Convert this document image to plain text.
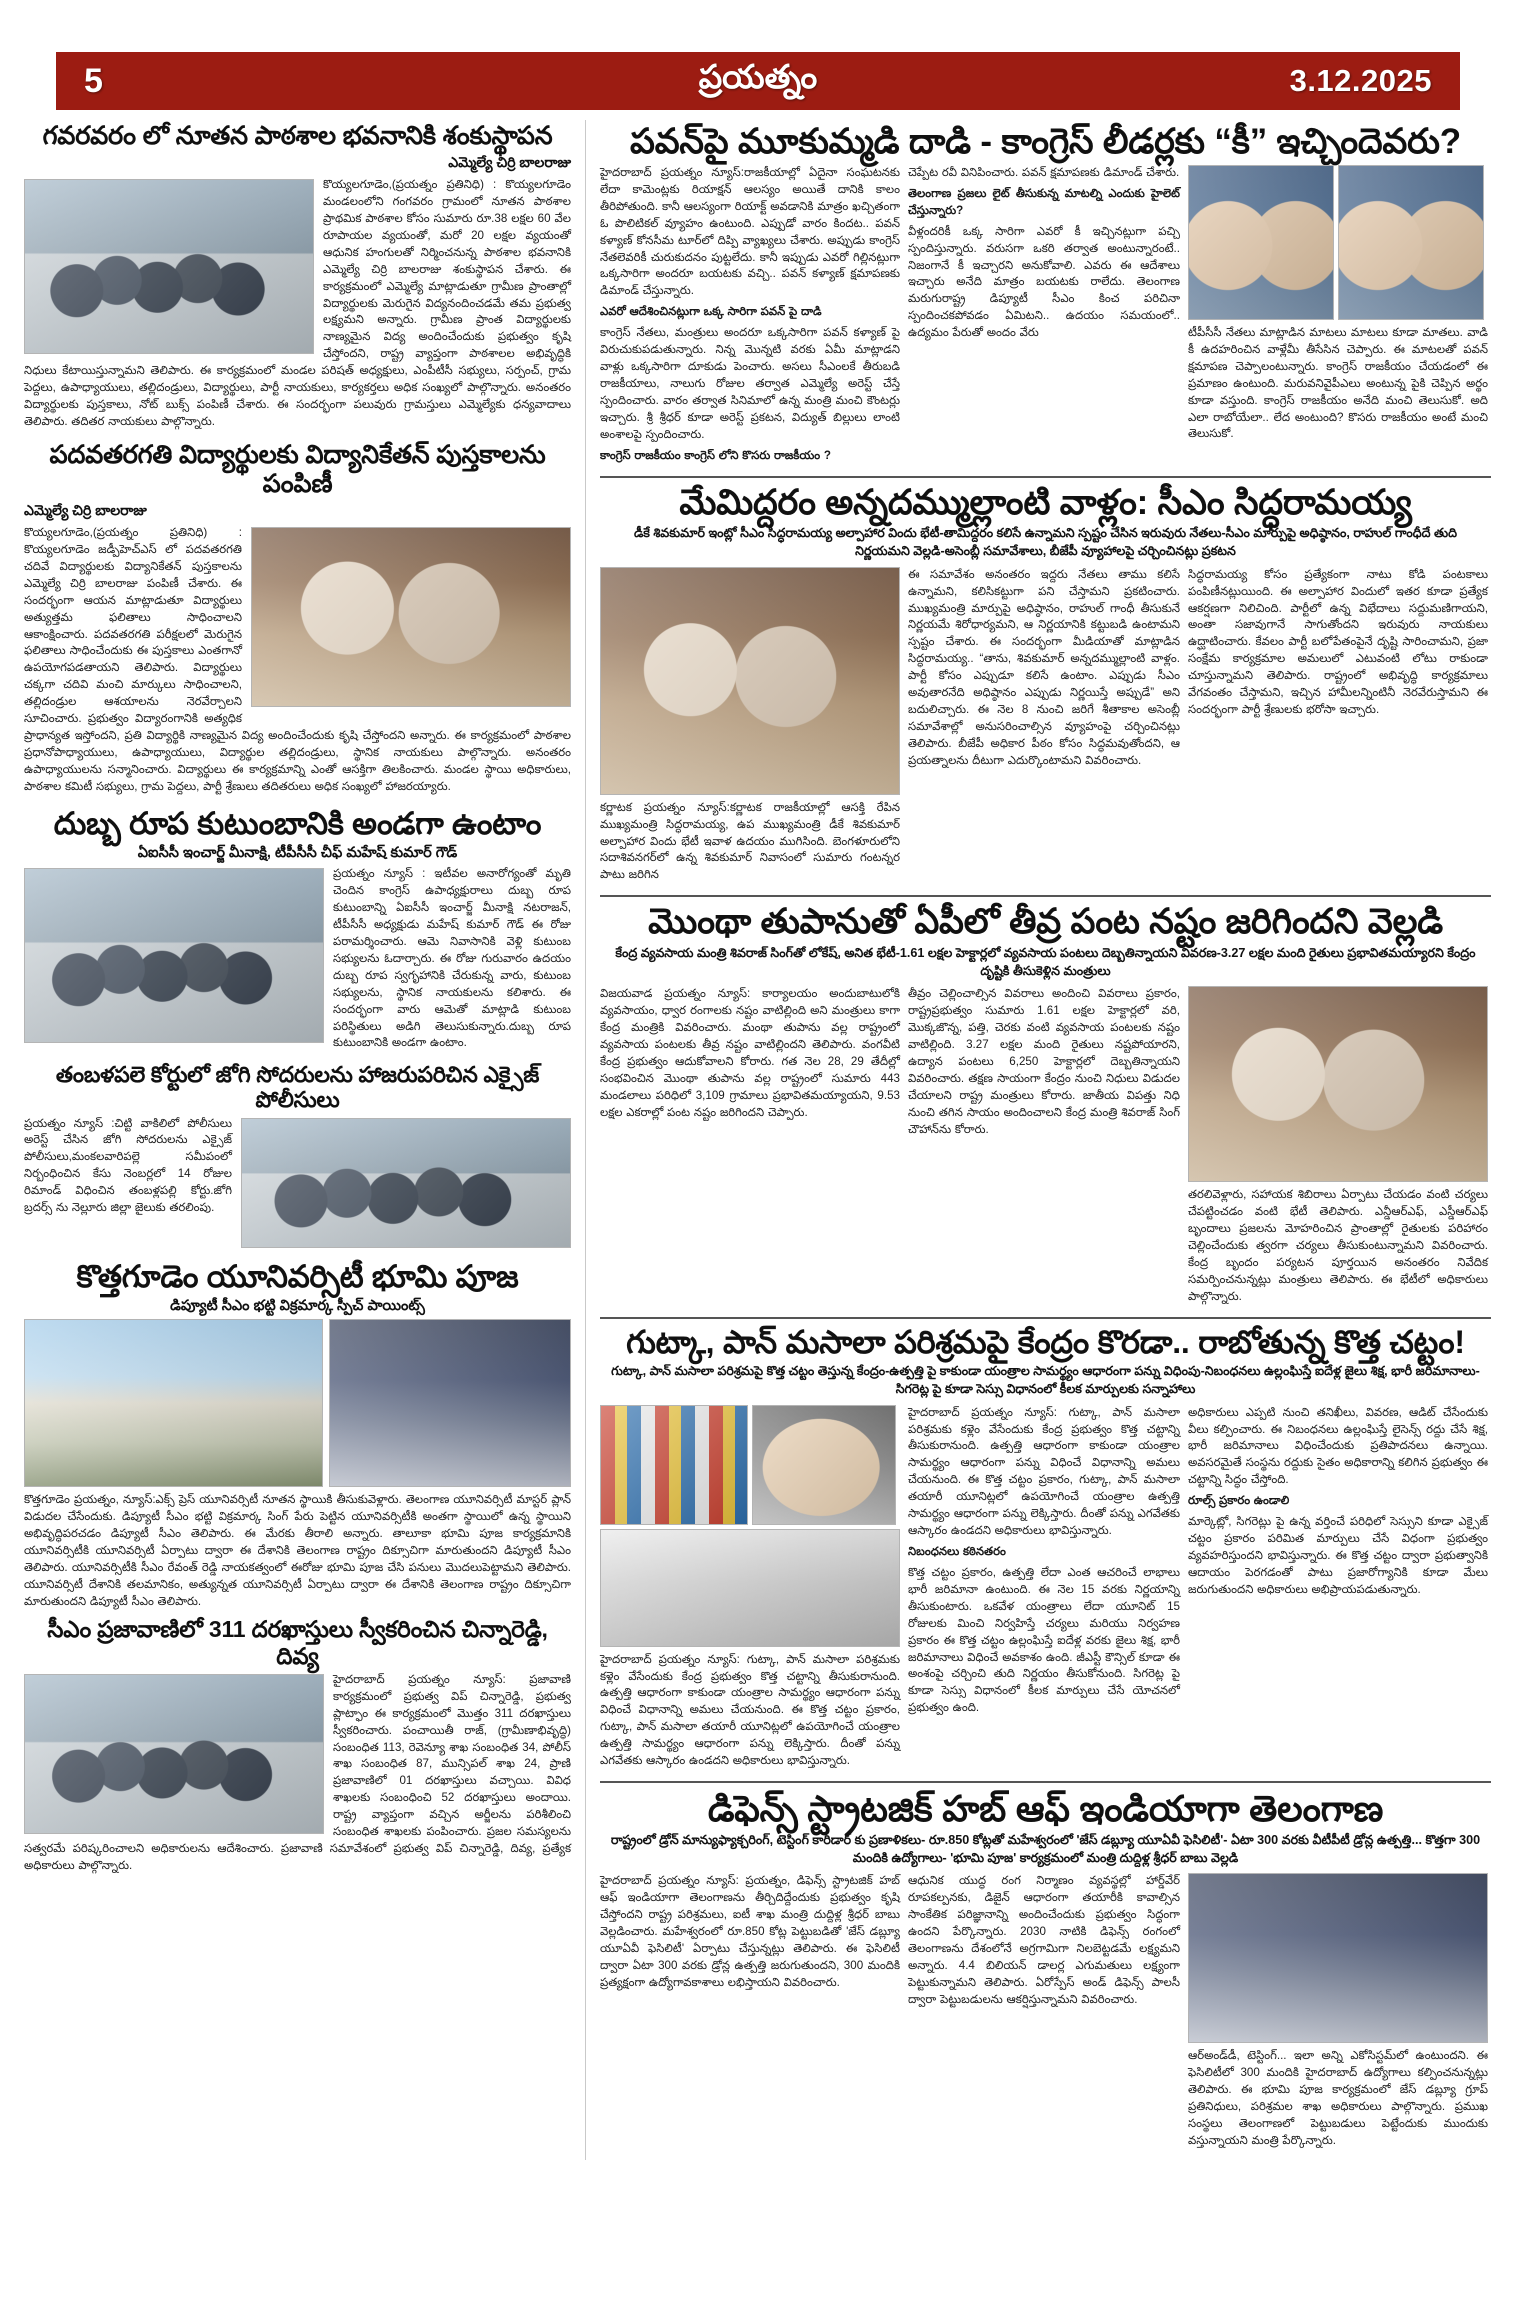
5	ప్రయత్నం	3.12.2025
గవరవరం లో నూతన పాఠశాల భవనానికి శంకుస్థాపన
ఎమ్మెల్యే చిర్రి బాలరాజు

కొయ్యలగూడెం,(ప్రయత్నం ప్రతినిధి) : కొయ్యలగూడెం మండలంలోని గంగవరం గ్రామంలో నూతన పాఠశాల ప్రాథమిక పాఠశాల కోసం సుమారు రూ.38 లక్షల 60 వేల రూపాయల వ్యయంతో, మరో 20 లక్షల వ్యయంతో ఆధునిక హంగులతో నిర్మించనున్న పాఠశాల భవనానికి ఎమ్మెల్యే చిర్రి బాలరాజు శంకుస్థాపన చేశారు. ఈ కార్యక్రమంలో ఎమ్మెల్యే మాట్లాడుతూ గ్రామీణ ప్రాంతాల్లో విద్యార్థులకు మెరుగైన విద్యనందించడమే తమ ప్రభుత్వ లక్ష్యమని అన్నారు. గ్రామీణ ప్రాంత విద్యార్థులకు నాణ్యమైన విద్య అందించేందుకు ప్రభుత్వం కృషి చేస్తోందని, రాష్ట్ర వ్యాప్తంగా పాఠశాలల అభివృద్ధికి నిధులు కేటాయిస్తున్నామని తెలిపారు. ఈ కార్యక్రమంలో మండల పరిషత్ అధ్యక్షులు, ఎంపీటీసీ సభ్యులు, సర్పంచ్, గ్రామ పెద్దలు, ఉపాధ్యాయులు, తల్లిదండ్రులు, విద్యార్థులు, పార్టీ నాయకులు, కార్యకర్తలు అధిక సంఖ్యలో పాల్గొన్నారు. అనంతరం విద్యార్థులకు పుస్తకాలు, నోట్ బుక్స్ పంపిణీ చేశారు. ఈ సందర్భంగా పలువురు గ్రామస్తులు ఎమ్మెల్యేకు ధన్యవాదాలు తెలిపారు. తదితర నాయకులు పాల్గొన్నారు.

పదవతరగతి విద్యార్థులకు విద్యానికేతన్ పుస్తకాలను పంపిణీ
ఎమ్మెల్యే చిర్రి బాలరాజు

కొయ్యలగూడెం,(ప్రయత్నం ప్రతినిధి) : కొయ్యలగూడెం జడ్పీహెచ్ఎస్ లో పదవతరగతి చదివే విద్యార్థులకు విద్యానికేతన్ పుస్తకాలను ఎమ్మెల్యే చిర్రి బాలరాజు పంపిణీ చేశారు. ఈ సందర్భంగా ఆయన మాట్లాడుతూ విద్యార్థులు అత్యుత్తమ ఫలితాలు సాధించాలని ఆకాంక్షించారు. పదవతరగతి పరీక్షలలో మెరుగైన ఫలితాలు సాధించేందుకు ఈ పుస్తకాలు ఎంతగానో ఉపయోగపడతాయని తెలిపారు. విద్యార్థులు చక్కగా చదివి మంచి మార్కులు సాధించాలని, తల్లిదండ్రుల ఆశయాలను నెరవేర్చాలని సూచించారు. ప్రభుత్వం విద్యారంగానికి అత్యధిక ప్రాధాన్యత ఇస్తోందని, ప్రతి విద్యార్థికి నాణ్యమైన విద్య అందించేందుకు కృషి చేస్తోందని అన్నారు. ఈ కార్యక్రమంలో పాఠశాల ప్రధానోపాధ్యాయులు, ఉపాధ్యాయులు, విద్యార్థుల తల్లిదండ్రులు, స్థానిక నాయకులు పాల్గొన్నారు. అనంతరం ఉపాధ్యాయులను సన్మానించారు. విద్యార్థులు ఈ కార్యక్రమాన్ని ఎంతో ఆసక్తిగా తిలకించారు. మండల స్థాయి అధికారులు, పాఠశాల కమిటీ సభ్యులు, గ్రామ పెద్దలు, పార్టీ శ్రేణులు తదితరులు అధిక సంఖ్యలో హాజరయ్యారు.

దుబ్బ రూప కుటుంబానికి అండగా ఉంటాం
ఏఐసీసీ ఇంచార్జ్ మీనాక్షి, టీపీసీసీ చీఫ్ మహేష్ కుమార్ గౌడ్

ప్రయత్నం న్యూస్ : ఇటీవల అనారోగ్యంతో మృతి చెందిన కాంగ్రెస్ ఉపాధ్యక్షురాలు దుబ్బ రూప కుటుంబాన్ని ఏఐసీసీ ఇంచార్జ్ మీనాక్షి నటరాజన్, టీపీసీసీ అధ్యక్షుడు మహేష్ కుమార్ గౌడ్ ఈ రోజు పరామర్శించారు. ఆమె నివాసానికి వెళ్లి కుటుంబ సభ్యులను ఓదార్చారు. ఈ రోజు గురువారం ఉదయం దుబ్బ రూప స్వగృహానికి చేరుకున్న వారు, కుటుంబ సభ్యులను, స్థానిక నాయకులను కలిశారు. ఈ సందర్భంగా వారు ఆమెతో మాట్లాడి కుటుంబ పరిస్థితులు అడిగి తెలుసుకున్నారు.దుబ్బ రూప కుటుంబానికి అండగా ఉంటాం.

తంబళపలె కోర్టులో జోగి సోదరులను హాజరుపరిచిన ఎక్సైజ్ పోలీసులు

ప్రయత్నం న్యూస్ :చిట్టి వాకిలిలో పోలీసులు అరెస్ట్ చేసిన జోగి సోదరులను ఎక్సైజ్ పోలీసులు,మంకలవారిపల్లె సమీపంలో నిర్బంధించిన కేసు నెంబర్లలో 14 రోజుల రిమాండ్ విధించిన తంబళ్లపల్లి కోర్టు.జోగి బ్రదర్స్ ను నెల్లూరు జిల్లా జైలుకు తరలింపు.

కొత్తగూడెం యూనివర్సిటీ భూమి పూజ
డిప్యూటీ సీఎం భట్టి విక్రమార్క స్పీచ్ పాయింట్స్

కొత్తగూడెం ప్రయత్నం, న్యూస్:ఎక్స్ ప్రెస్ యూనివర్సిటీ నూతన స్థాయికి తీసుకువెళ్లారు. తెలంగాణ యూనివర్సిటీ మాస్టర్ ప్లాన్ విడుదల చేసేందుకు. డిప్యూటీ సీఎం భట్టి విక్రమార్క సింగ్ పేరు పెట్టిన యూనివర్సిటీకి అంతగా స్థాయిలో ఉన్న స్థాయిని అభివృద్ధిపరచడం డిప్యూటీ సీఎం తెలిపారు. ఈ మేరకు తీరాలి అన్నారు. తాలూకా భూమి పూజ కార్యక్రమానికి యూనివర్సిటీకి యూనివర్సిటీ ఏర్పాటు ద్వారా ఈ దేశానికి తెలంగాణ రాష్ట్రం దిక్సూచిగా మారుతుందని డిప్యూటీ సీఎం తెలిపారు. యూనివర్సిటీకి సీఎం రేవంత్ రెడ్డి నాయకత్వంలో ఈరోజు భూమి పూజ చేసి పనులు మొదలుపెట్టామని తెలిపారు. యూనివర్సిటీ దేశానికి తలమానికం, అత్యున్నత యూనివర్సిటీ ఏర్పాటు ద్వారా ఈ దేశానికి తెలంగాణ రాష్ట్రం దిక్సూచిగా మారుతుందని డిప్యూటీ సీఎం తెలిపారు.

సీఎం ప్రజావాణిలో 311 దరఖాస్తులు స్వీకరించిన చిన్నారెడ్డి, దివ్య

హైదరాబాద్ ప్రయత్నం న్యూస్: ప్రజావాణి కార్యక్రమంలో ప్రభుత్వ విప్ చిన్నారెడ్డి, ప్రభుత్వ ప్లాట్ఫాం ఈ కార్యక్రమంలో మొత్తం 311 దరఖాస్తులు స్వీకరించారు. పంచాయితీ రాజ్, (గ్రామీణాభివృద్ధి) సంబంధిత 113, రెవెన్యూ శాఖ సంబంధిత 34, పోలీస్ శాఖ సంబంధిత 87, మున్సిపల్ శాఖ 24, ప్రాణి ప్రజావాణిలో 01 దరఖాస్తులు వచ్చాయి. వివిధ శాఖలకు సంబంధించి 52 దరఖాస్తులు అందాయి. రాష్ట్ర వ్యాప్తంగా వచ్చిన అర్జీలను పరిశీలించి సంబంధిత శాఖలకు పంపించారు. ప్రజల సమస్యలను సత్వరమే పరిష్కరించాలని అధికారులను ఆదేశించారు. ప్రజావాణి సమావేశంలో ప్రభుత్వ విప్ చిన్నారెడ్డి, దివ్య, ప్రత్యేక అధికారులు పాల్గొన్నారు.

పవన్‌పై మూకుమ్మడి దాడి - కాంగ్రెస్ లీడర్లకు “కీ” ఇచ్చిందెవరు?

హైదరాబాద్ ప్రయత్నం న్యూస్:రాజకీయాల్లో ఏదైనా సంఘటనకు లేదా కామెంట్లకు రియాక్షన్ ఆలస్యం అయితే దానికి కాలం తీరిపోతుంది. కానీ ఆలస్యంగా రియాక్ట్ అవడానికి మాత్రం ఖచ్చితంగా ఓ పొలిటికల్ వ్యూహం ఉంటుంది. ఎప్పుడో వారం కిందట.. పవన్ కళ్యాణ్ కోనసీమ టూర్‌లో దిప్పి వ్యాఖ్యలు చేశారు. అప్పుడు కాంగ్రెస్ నేతలెవరికీ చురుకుదనం పుట్టలేదు. కానీ ఇప్పుడు ఎవరో గిల్లినట్లుగా ఒక్కసారిగా అందరూ బయటకు వచ్చి.. పవన్ కళ్యాణ్ క్షమాపణకు డిమాండ్ చేస్తున్నారు.

ఎవరో ఆదేశించినట్లుగా ఒక్క సారిగా పవన్ పై దాడి

కాంగ్రెస్ నేతలు, మంత్రులు అందరూ ఒక్కసారిగా పవన్ కళ్యాణ్ పై విరుచుకుపడుతున్నారు. నిన్న మొన్నటి వరకు ఏమీ మాట్లాడని వాళ్లు ఒక్కసారిగా దూకుడు పెంచారు. అసలు సీఎంలకే తీరుబడి రాజకీయాలు, నాలుగు రోజుల తర్వాత ఎమ్మెల్యే అరెస్ట్ చేస్తే స్పందించారు. వారం తర్వాత సినిమాలో ఉన్న మంత్రి మంచి కౌంటర్లు ఇచ్చారు. శ్రీ శ్రీధర్ కూడా అరెస్ట్ ప్రకటన, విద్యుత్ బిల్లులు లాంటి అంశాలపై స్పందించారు.

కాంగ్రెస్ రాజకీయం కాంగ్రెస్ లోని కొసరు రాజకీయం ?

చెప్పేట రవీ వినిపించారు. పవన్ క్షమాపణకు డిమాండ్ చేశారు.

తెలంగాణ ప్రజలు లైట్ తీసుకున్న మాటల్ని ఎందుకు హైలెట్ చేస్తున్నారు?

వీళ్లందరికీ ఒక్క సారిగా ఎవరో కీ ఇచ్చినట్లుగా పచ్చి స్పందిస్తున్నారు. వరుసగా ఒకరి తర్వాత అంటున్నారంటే.. నిజంగానే కీ ఇచ్చారని అనుకోవాలి. ఎవరు ఈ ఆదేశాలు ఇచ్చారు అనేది మాత్రం బయటకు రాలేదు. తెలంగాణ మరుగురాష్ట్ర డిప్యూటీ సీఎం కించ పరిచినా స్పందించకపోవడం ఏమిటని.. ఉదయం సమయంలో.. ఉద్యమం పేరుతో అందం వేరు	టీపీసీసీ నేతలు మాట్లాడిన మాటలు మాటలు కూడా మాతలు. వాడి కీ ఉదహరించిన వాళ్లేమీ తీసేసిన చెప్పారు. ఈ మాటలతో పవన్ క్షమాపణ చెప్పాలంటున్నారు. కాంగ్రెస్ రాజకీయం చేయడంలో ఈ ప్రమాణం ఉంటుంది. మరువనివైపీఎలు అంటున్న పైకి చెప్పిన అర్థం కూడా వస్తుంది. కాంగ్రెస్ రాజకీయం అనేది మంచి తెలుసుకో. అది ఎలా రాబోయేలా.. లేద అంటుంది? కొసరు రాజకీయం అంటే మంచి తెలుసుకో.

మేమిద్దరం అన్నదమ్ముల్లాంటి వాళ్లం: సీఎం సిద్ధరామయ్య
డీకే శివకుమార్ ఇంట్లో సీఎం సిద్ధరామయ్య అల్పాహార విందు భేటీ-తామిద్దరం కలిసే ఉన్నామని స్పష్టం చేసిన ఇరువురు నేతలు-సీఎం మార్పుపై అధిష్ఠానం, రాహుల్ గాంధీదే తుది నిర్ణయమని వెల్లడి-అసెంబ్లీ సమావేశాలు, బీజేపీ వ్యూహాలపై చర్చించినట్లు ప్రకటన

కర్ణాటక ప్రయత్నం న్యూస్:కర్ణాటక రాజకీయాల్లో ఆసక్తి రేపిన ముఖ్యమంత్రి సిద్ధరామయ్య, ఉప ముఖ్యమంత్రి డీకే శివకుమార్ అల్పాహార విందు భేటీ ఇవాళ ఉదయం ముగిసింది. బెంగళూరులోని సదాశివనగర్‌లో ఉన్న శివకుమార్ నివాసంలో సుమారు గంటన్నర పాటు జరిగిన

ఈ సమావేశం అనంతరం ఇద్దరు నేతలు తాము కలిసే ఉన్నామని, కలిసికట్టుగా పని చేస్తామని ప్రకటించారు. ముఖ్యమంత్రి మార్పుపై అధిష్ఠానం, రాహుల్ గాంధీ తీసుకునే నిర్ణయమే శిరోధార్యమని, ఆ నిర్ణయానికి కట్టుబడి ఉంటామని స్పష్టం చేశారు. ఈ సందర్భంగా మీడియాతో మాట్లాడిన సిద్ధరామయ్య.. “తాను, శివకుమార్ అన్నదమ్ముల్లాంటి వాళ్లం. పార్టీ కోసం ఎప్పుడూ కలిసే ఉంటాం. ఎప్పుడు సీఎం అవుతారనేది అధిష్ఠానం ఎప్పుడు నిర్ణయిస్తే అప్పుడే” అని బదులిచ్చారు. ఈ నెల 8 నుంచి జరిగే శీతాకాల అసెంబ్లీ సమావేశాల్లో అనుసరించాల్సిన వ్యూహంపై చర్చించినట్లు తెలిపారు. బీజేపీ అధికార పీఠం కోసం సిద్ధమవుతోందని, ఆ ప్రయత్నాలను దీటుగా ఎదుర్కొంటామని వివరించారు.

సిద్ధరామయ్య కోసం ప్రత్యేకంగా నాటు కోడి పంటకాలు పంపిణీనట్లుయింది. ఈ అల్పాహార విందులో ఇతర కూడా ప్రత్యేక ఆకర్షణగా నిలిచింది. పార్టీలో ఉన్న విభేదాలు సద్దుమణిగాయని, అంతా సజావుగానే సాగుతోందని ఇరువురు నాయకులు ఉద్ఘాటించారు. కేవలం పార్టీ బలోపేతంపైనే దృష్టి సారించామని, ప్రజా సంక్షేమ కార్యక్రమాల అమలులో ఎటువంటి లోటు రాకుండా చూస్తున్నామని తెలిపారు. రాష్ట్రంలో అభివృద్ధి కార్యక్రమాలు వేగవంతం చేస్తామని, ఇచ్చిన హామీలన్నింటినీ నెరవేరుస్తామని ఈ సందర్భంగా పార్టీ శ్రేణులకు భరోసా ఇచ్చారు.

మొంథా తుపానుతో ఏపీలో తీవ్ర పంట నష్టం జరిగిందని వెల్లడి
కేంద్ర వ్యవసాయ మంత్రి శివరాజ్ సింగ్‌తో లోకేష్, అనిత భేటీ-1.61 లక్షల హెక్టార్లలో వ్యవసాయ పంటలు దెబ్బతిన్నాయని వివరణ-3.27 లక్షల మంది రైతులు ప్రభావితమయ్యారని కేంద్రం దృష్టికి తీసుకెళ్లిన మంత్రులు

విజయవాడ ప్రయత్నం న్యూస్: కార్యాలయం అందుబాటులోకి వ్యవసాయం, ధ్వార రంగాలకు నష్టం వాటిల్లింది అని మంత్రులు కాగా కేంద్ర మంత్రికి వివరించారు. మంథా తుపాను వల్ల రాష్ట్రంలో వ్యవసాయ పంటలకు తీవ్ర నష్టం వాటిల్లిందని తెలిపారు. వంగవీటి కేంద్ర ప్రభుత్వం ఆదుకోవాలని కోరారు. గత నెల 28, 29 తేదీల్లో సంభవించిన మొంథా తుపాను వల్ల రాష్ట్రంలో సుమారు 443 మండలాలు పరిధిలో 3,109 గ్రామాలు ప్రభావితమయ్యాయని, 9.53 లక్షల ఎకరాల్లో పంట నష్టం జరిగిందని చెప్పారు.

తీవ్రం చెల్లించాల్సిన వివరాలు అందించి వివరాలు ప్రకారం, రాష్ట్రప్రభుత్వం సుమారు 1.61 లక్షల హెక్టార్లలో వరి, మొక్కజొన్న, పత్తి, చెరకు వంటి వ్యవసాయ పంటలకు నష్టం వాటిల్లింది. 3.27 లక్షల మంది రైతులు నష్టపోయారని, ఉద్యాన పంటలు 6,250 హెక్టార్లలో దెబ్బతిన్నాయని వివరించారు. తక్షణ సాయంగా కేంద్రం నుంచి నిధులు విడుదల చేయాలని రాష్ట్ర మంత్రులు కోరారు. జాతీయ విపత్తు నిధి నుంచి తగిన సాయం అందించాలని కేంద్ర మంత్రి శివరాజ్ సింగ్ చౌహాన్‌ను కోరారు.

తరలివెళ్లారు, సహాయక శిబిరాలు ఏర్పాటు చేయడం వంటి చర్యలు చేపట్టించడం వంటి భేటీ తెలిపారు. ఎన్డీఆర్ఎఫ్, ఎస్డీఆర్ఎఫ్ బృందాలు ప్రజలను మోహరించిన ప్రాంతాల్లో రైతులకు పరిహారం చెల్లించేందుకు త్వరగా చర్యలు తీసుకుంటున్నామని వివరించారు. కేంద్ర బృందం పర్యటన పూర్తయిన అనంతరం నివేదిక సమర్పించనున్నట్లు మంత్రులు తెలిపారు. ఈ భేటీలో అధికారులు పాల్గొన్నారు.

గుట్కా, పాన్ మసాలా పరిశ్రమపై కేంద్రం కొరడా.. రాబోతున్న కొత్త చట్టం!
గుట్కా, పాన్ మసాలా పరిశ్రమపై కొత్త చట్టం తెస్తున్న కేంద్రం-ఉత్పత్తి పై కాకుండా యంత్రాల సామర్థ్యం ఆధారంగా పన్ను విధింపు-నిబంధనలు ఉల్లంఘిస్తే ఐదేళ్ల జైలు శిక్ష, భారీ జరిమానాలు-సిగరెట్ల పై కూడా సెస్సు విధానంలో కీలక మార్పులకు సన్నాహాలు

హైదరాబాద్ ప్రయత్నం న్యూస్: గుట్కా, పాన్ మసాలా పరిశ్రమకు కళ్లెం వేసేందుకు కేంద్ర ప్రభుత్వం కొత్త చట్టాన్ని తీసుకురానుంది. ఉత్పత్తి ఆధారంగా కాకుండా యంత్రాల సామర్థ్యం ఆధారంగా పన్ను విధించే విధానాన్ని అమలు చేయనుంది. ఈ కొత్త చట్టం ప్రకారం, గుట్కా, పాన్ మసాలా తయారీ యూనిట్లలో ఉపయోగించే యంత్రాల ఉత్పత్తి సామర్థ్యం ఆధారంగా పన్ను లెక్కిస్తారు. దీంతో పన్ను ఎగవేతకు ఆస్కారం ఉండదని అధికారులు భావిస్తున్నారు.

హైదరాబాద్ ప్రయత్నం న్యూస్: గుట్కా, పాన్ మసాలా పరిశ్రమకు కళ్లెం వేసేందుకు కేంద్ర ప్రభుత్వం కొత్త చట్టాన్ని తీసుకురానుంది. ఉత్పత్తి ఆధారంగా కాకుండా యంత్రాల సామర్థ్యం ఆధారంగా పన్ను విధించే విధానాన్ని అమలు చేయనుంది. ఈ కొత్త చట్టం ప్రకారం, గుట్కా, పాన్ మసాలా తయారీ యూనిట్లలో ఉపయోగించే యంత్రాల ఉత్పత్తి సామర్థ్యం ఆధారంగా పన్ను లెక్కిస్తారు. దీంతో పన్ను ఎగవేతకు ఆస్కారం ఉండదని అధికారులు భావిస్తున్నారు.

నిబంధనలు కఠినతరం

కొత్త చట్టం ప్రకారం, ఉత్పత్తి లేదా ఎంత ఆచరించే లాభాలు భారీ జరిమానా ఉంటుంది. ఈ నెల 15 వరకు నిర్ణయాన్ని తీసుకుంటారు. ఒకవేళ యంత్రాలు లేదా యూనిట్ 15 రోజులకు మించి నిర్వహిస్తే చర్యలు మరియు నిర్వహణ ప్రకారం ఈ కొత్త చట్టం ఉల్లంఘిస్తే ఐదేళ్ల వరకు జైలు శిక్ష, భారీ జరిమానాలు విధించే అవకాశం ఉంది. జీఎస్టీ కౌన్సిల్ కూడా ఈ అంశంపై చర్చించి తుది నిర్ణయం తీసుకోనుంది. సిగరెట్ల పై కూడా సెస్సు విధానంలో కీలక మార్పులు చేసే యోచనలో ప్రభుత్వం ఉంది.

అధికారులు ఎప్పటి నుంచి తనిఖీలు, వివరణ, ఆడిట్ చేసేందుకు వీలు కల్పించారు. ఈ నిబంధనలు ఉల్లంఘిస్తే లైసెన్స్ రద్దు చేసే శిక్ష, భారీ జరిమానాలు విధించేందుకు ప్రతిపాదనలు ఉన్నాయి. అవసరమైతే సంస్థను రద్దుకు సైతం అధికారాన్ని కలిగిన ప్రభుత్వం ఈ చట్టాన్ని సిద్ధం చేస్తోంది.

రూల్స్ ప్రకారం ఉండాలి

మార్కెట్లో, సిగరెట్లు పై ఉన్న వర్తించే పరిధిలో సెస్సుని కూడా ఎక్సైజ్ చట్టం ప్రకారం పరిమిత మార్పులు చేసే విధంగా ప్రభుత్వం వ్యవహరిస్తుందని భావిస్తున్నారు. ఈ కొత్త చట్టం ద్వారా ప్రభుత్వానికి ఆదాయం పెరగడంతో పాటు ప్రజారోగ్యానికి కూడా మేలు జరుగుతుందని అధికారులు అభిప్రాయపడుతున్నారు.

డిఫెన్స్ స్ట్రాటజిక్ హబ్ ఆఫ్ ఇండియాగా తెలంగాణ
రాష్ట్రంలో డ్రోన్ మాన్యుఫ్యాక్చరింగ్, టెస్టింగ్ కారిడార్ కు ప్రణాళికలు- రూ.850 కోట్లతో మహేశ్వరంలో 'జేస్ డబ్ల్యూ యూఏవీ ఫెసిలిటీ'- ఏటా 300 వరకు వీటీపీటీ డ్రోన్ల ఉత్పత్తి... కొత్తగా 300 మందికి ఉద్యోగాలు- 'భూమి పూజ' కార్యక్రమంలో మంత్రి దుద్దిళ్ల శ్రీధర్ బాబు వెల్లడి

హైదరాబాద్ ప్రయత్నం న్యూస్: ప్రయత్నం, డిఫెన్స్ స్ట్రాటజిక్ హబ్ ఆఫ్ ఇండియాగా తెలంగాణను తీర్చిదిద్దేందుకు ప్రభుత్వం కృషి చేస్తోందని రాష్ట్ర పరిశ్రమలు, ఐటీ శాఖ మంత్రి దుద్దిళ్ల శ్రీధర్ బాబు వెల్లడించారు. మహేశ్వరంలో రూ.850 కోట్ల పెట్టుబడితో 'జేస్ డబ్ల్యూ యూఏవీ ఫెసిలిటీ' ఏర్పాటు చేస్తున్నట్లు తెలిపారు. ఈ ఫెసిలిటీ ద్వారా ఏటా 300 వరకు డ్రోన్ల ఉత్పత్తి జరుగుతుందని, 300 మందికి ప్రత్యక్షంగా ఉద్యోగావకాశాలు లభిస్తాయని వివరించారు.

ఆధునిక యుద్ధ రంగ నిర్మాణం వ్యవస్థల్లో హార్డ్‌వేర్ రూపకల్పనకు, డిజైన్ ఆధారంగా తయారీకి కావాల్సిన సాంకేతిక పరిజ్ఞానాన్ని అందించేందుకు ప్రభుత్వం సిద్ధంగా ఉందని పేర్కొన్నారు. 2030 నాటికి డిఫెన్స్ రంగంలో తెలంగాణను దేశంలోనే అగ్రగామిగా నిలబెట్టడమే లక్ష్యమని అన్నారు. 4.4 బిలియన్ డాలర్ల ఎగుమతులు లక్ష్యంగా పెట్టుకున్నామని తెలిపారు. ఏరోస్పేస్ అండ్ డిఫెన్స్ పాలసీ ద్వారా పెట్టుబడులను ఆకర్షిస్తున్నామని వివరించారు.

ఆర్‌అండ్‌డీ, టెస్టింగ్... ఇలా అన్ని ఎకోసిస్టమ్‌లో ఉంటుందని. ఈ ఫెసిలిటీలో 300 మందికి హైదరాబాద్ ఉద్యోగాలు కల్పించనున్నట్లు తెలిపారు. ఈ భూమి పూజ కార్యక్రమంలో జేస్ డబ్ల్యూ గ్రూప్ ప్రతినిధులు, పరిశ్రమల శాఖ అధికారులు పాల్గొన్నారు. ప్రముఖ సంస్థలు తెలంగాణలో పెట్టుబడులు పెట్టేందుకు ముందుకు వస్తున్నాయని మంత్రి పేర్కొన్నారు.
